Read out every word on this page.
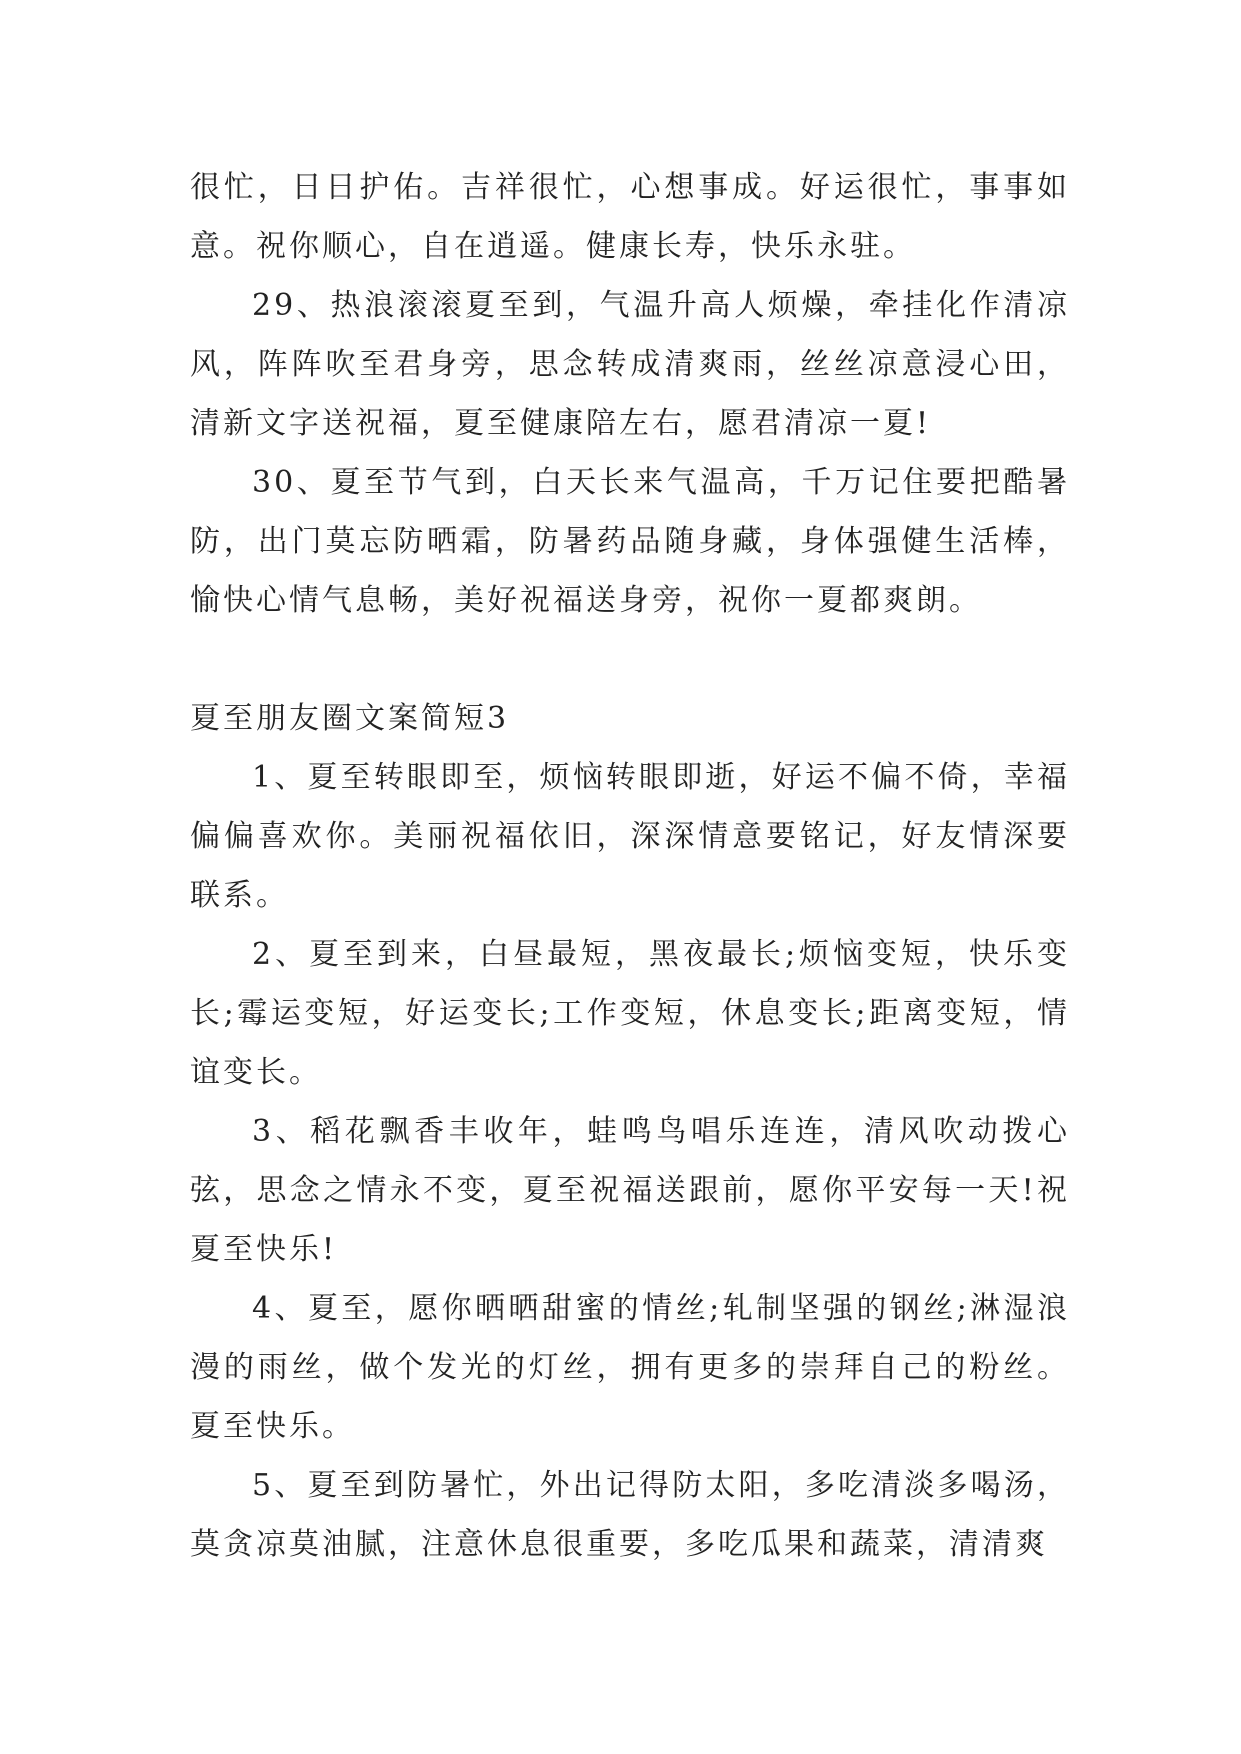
很忙，日日护佑。吉祥很忙，心想事成。好运很忙，事事如意。祝你顺心，自在逍遥。健康长寿，快乐永驻。

29、热浪滚滚夏至到，气温升高人烦燥，牵挂化作清凉风，阵阵吹至君身旁，思念转成清爽雨，丝丝凉意浸心田，清新文字送祝福，夏至健康陪左右，愿君清凉一夏!

30、夏至节气到，白天长来气温高，千万记住要把酷暑防，出门莫忘防晒霜，防暑药品随身藏，身体强健生活棒，愉快心情气息畅，美好祝福送身旁，祝你一夏都爽朗。

夏至朋友圈文案简短3

1、夏至转眼即至，烦恼转眼即逝，好运不偏不倚，幸福偏偏喜欢你。美丽祝福依旧，深深情意要铭记，好友情深要联系。

2、夏至到来，白昼最短，黑夜最长;烦恼变短，快乐变长;霉运变短，好运变长;工作变短，休息变长;距离变短，情谊变长。

3、稻花飘香丰收年，蛙鸣鸟唱乐连连，清风吹动拨心弦，思念之情永不变，夏至祝福送跟前，愿你平安每一天!祝夏至快乐!

4、夏至，愿你晒晒甜蜜的情丝;轧制坚强的钢丝;淋湿浪漫的雨丝，做个发光的灯丝，拥有更多的崇拜自己的粉丝。夏至快乐。

5、夏至到防暑忙，外出记得防太阳，多吃清淡多喝汤，莫贪凉莫油腻，注意休息很重要，多吃瓜果和蔬菜，清清爽
